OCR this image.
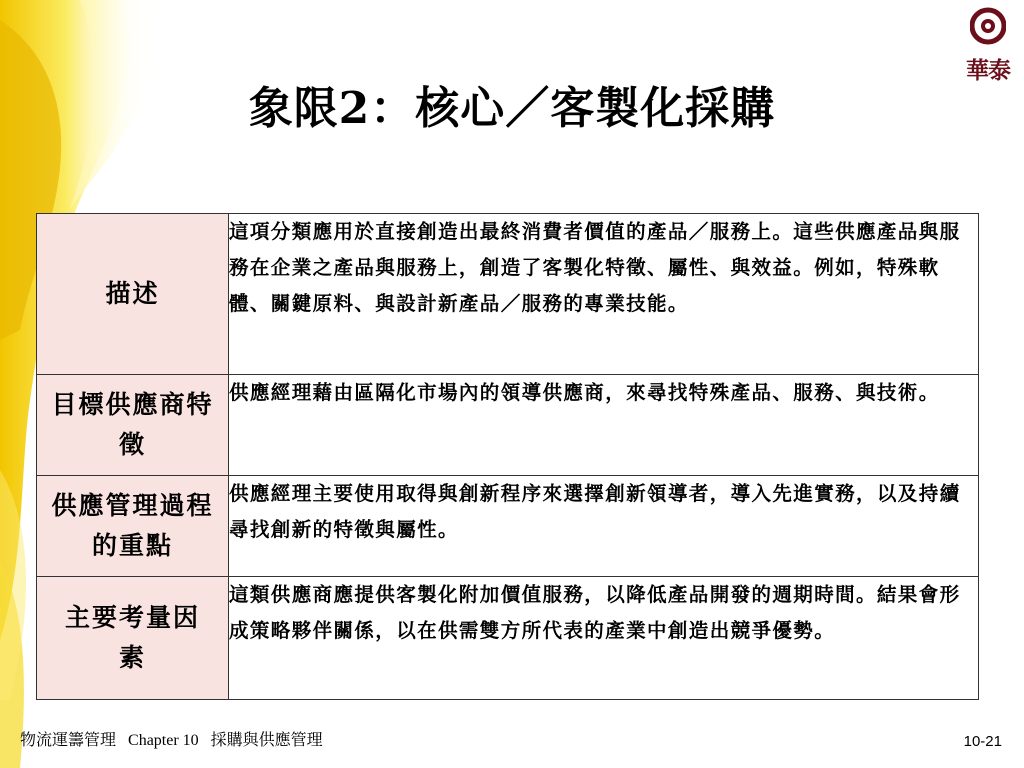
華泰
象限2：核心／客製化採購
描述	這項分類應用於直接創造出最終消費者價值的產品／服務上。這些供應產品與服務在企業之產品與服務上，創造了客製化特徵、屬性、與效益。例如，特殊軟體、關鍵原料、與設計新產品／服務的專業技能。
目標供應商特徵	供應經理藉由區隔化市場內的領導供應商，來尋找特殊產品、服務、與技術。
供應管理過程的重點	供應經理主要使用取得與創新程序來選擇創新領導者，導入先進實務，以及持續尋找創新的特徵與屬性。
主要考量因素	這類供應商應提供客製化附加價值服務，以降低產品開發的週期時間。結果會形成策略夥伴關係，以在供需雙方所代表的產業中創造出競爭優勢。
物流運籌管理 Chapter 10 採購與供應管理	10-21
